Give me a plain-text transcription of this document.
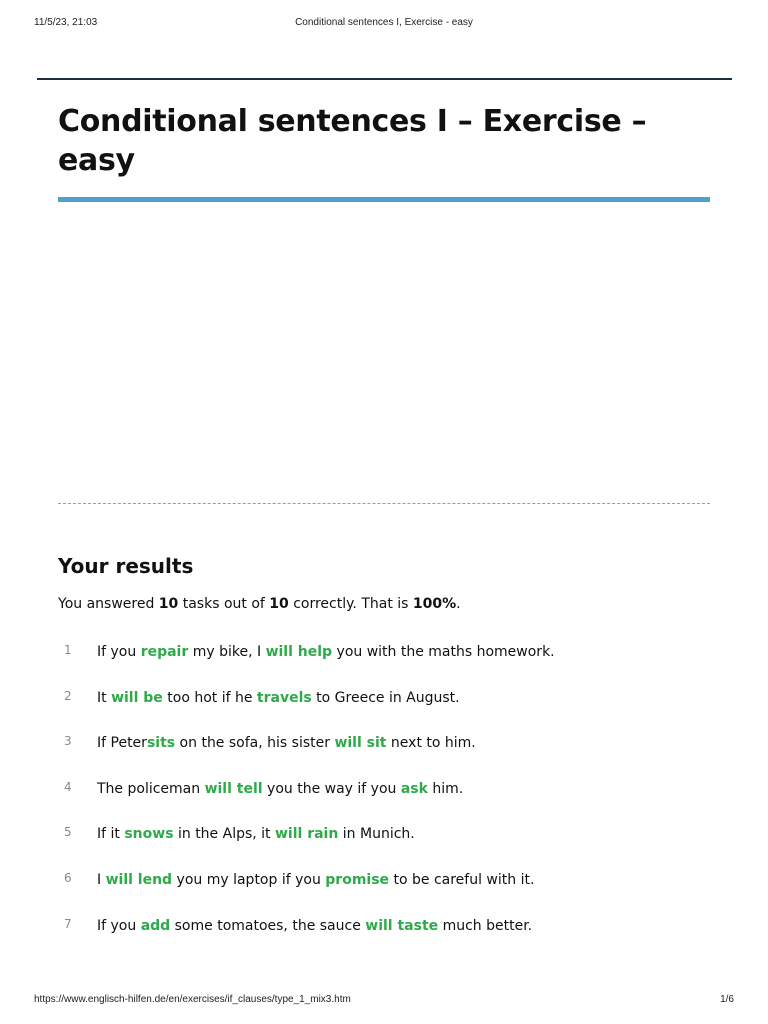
11/5/23, 21:03	Conditional sentences I, Exercise - easy
Conditional sentences I – Exercise – easy
Your results
You answered 10 tasks out of 10 correctly. That is 100%.
1	If you repair my bike, I will help you with the maths homework.
2	It will be too hot if he travels to Greece in August.
3	If Petersits on the sofa, his sister will sit next to him.
4	The policeman will tell you the way if you ask him.
5	If it snows in the Alps, it will rain in Munich.
6	I will lend you my laptop if you promise to be careful with it.
7	If you add some tomatoes, the sauce will taste much better.
https://www.englisch-hilfen.de/en/exercises/if_clauses/type_1_mix3.htm	1/6
